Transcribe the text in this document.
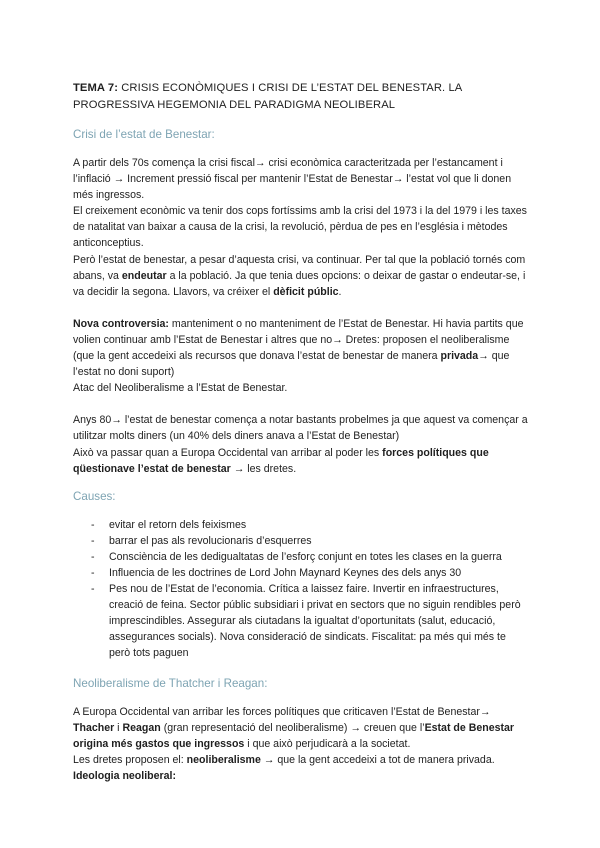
TEMA 7: CRISIS ECONÒMIQUES I CRISI DE L’ESTAT DEL BENESTAR. LA PROGRESSIVA HEGEMONIA DEL PARADIGMA NEOLIBERAL

Crisi de l’estat de Benestar:

A partir dels 70s comença la crisi fiscal→ crisi econòmica caracteritzada per l’estancament i l’inflació → Increment pressió fiscal per mantenir l’Estat de Benestar→ l’estat vol que li donen més ingressos.

El creixement econòmic va tenir dos cops fortíssims amb la crisi del 1973 i la del 1979 i les taxes de natalitat van baixar a causa de la crisi, la revolució, pèrdua de pes en l’església i mètodes anticonceptius.

Però l’estat de benestar, a pesar d’aquesta crisi, va continuar. Per tal que la població tornés com abans, va endeutar a la població. Ja que tenia dues opcions: o deixar de gastar o endeutar-se, i va decidir la segona. Llavors, va créixer el dèficit públic.

Nova controversia: manteniment o no manteniment de l’Estat de Benestar. Hi havia partits que volien continuar amb l’Estat de Benestar i altres que no→ Dretes: proposen el neoliberalisme (que la gent accedeixi als recursos que donava l’estat de benestar de manera privada→ que l’estat no doni suport)

Atac del Neoliberalisme a l’Estat de Benestar.

Anys 80→ l’estat de benestar comença a notar bastants probelmes ja que aquest va començar a utilitzar molts diners (un 40% dels diners anava a l’Estat de Benestar)

Això va passar quan a Europa Occidental van arribar al poder les forces polítiques que qüestionave l’estat de benestar → les dretes.

Causes:

- evitar el retorn dels feixismes
- barrar el pas als revolucionaris d’esquerres
- Consciència de les dedigualtatas de l’esforç conjunt en totes les clases en la guerra
- Influencia de les doctrines de Lord John Maynard Keynes des dels anys 30
- Pes nou de l’Estat de l’economia. Crítica a laissez faire. Invertir en infraestructures, creació de feina. Sector públic subsidiari i privat en sectors que no siguin rendibles però imprescindibles. Assegurar als ciutadans la igualtat d’oportunitats (salut, educació, assegurances socials). Nova consideració de sindicats. Fiscalitat: pa més qui més te però tots paguen

Neoliberalisme de Thatcher i Reagan:

A Europa Occidental van arribar les forces polítiques que criticaven l’Estat de Benestar→ Thacher i Reagan (gran representació del neoliberalisme) → creuen que l’Estat de Benestar origina més gastos que ingressos i que això perjudicarà a la societat.

Les dretes proposen el: neoliberalisme → que la gent accedeixi a tot de manera privada.

Ideologia neoliberal:
